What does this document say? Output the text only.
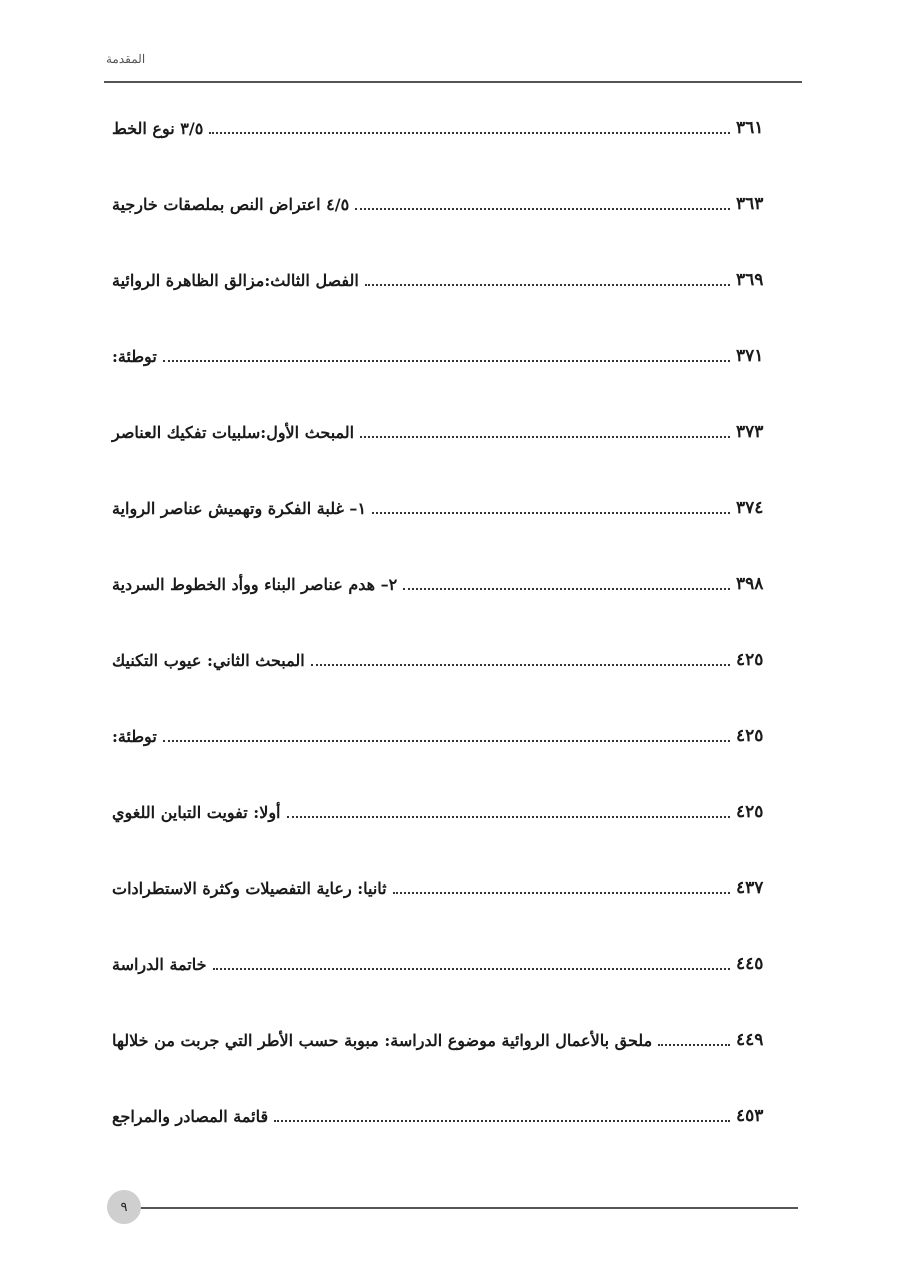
المقدمة
٣/٥ نوع الخط	٣٦١
٤/٥ اعتراض النص بملصقات خارجية	٣٦٣
الفصل الثالث:مزالق الظاهرة الروائية	٣٦٩
توطئة:	٣٧١
المبحث الأول:سلبيات تفكيك العناصر	٣٧٣
١– غلبة الفكرة وتهميش عناصر الرواية	٣٧٤
٢– هدم عناصر البناء ووأد الخطوط السردية	٣٩٨
المبحث الثاني: عيوب التكنيك	٤٢٥
توطئة:	٤٢٥
أولا: تفويت التباين اللغوي	٤٢٥
ثانيا: رعاية التفصيلات وكثرة الاستطرادات	٤٣٧
خاتمة الدراسة	٤٤٥
ملحق بالأعمال الروائية موضوع الدراسة: مبوبة حسب الأطر التي جربت من خلالها	٤٤٩
قائمة المصادر والمراجع	٤٥٣
٩
